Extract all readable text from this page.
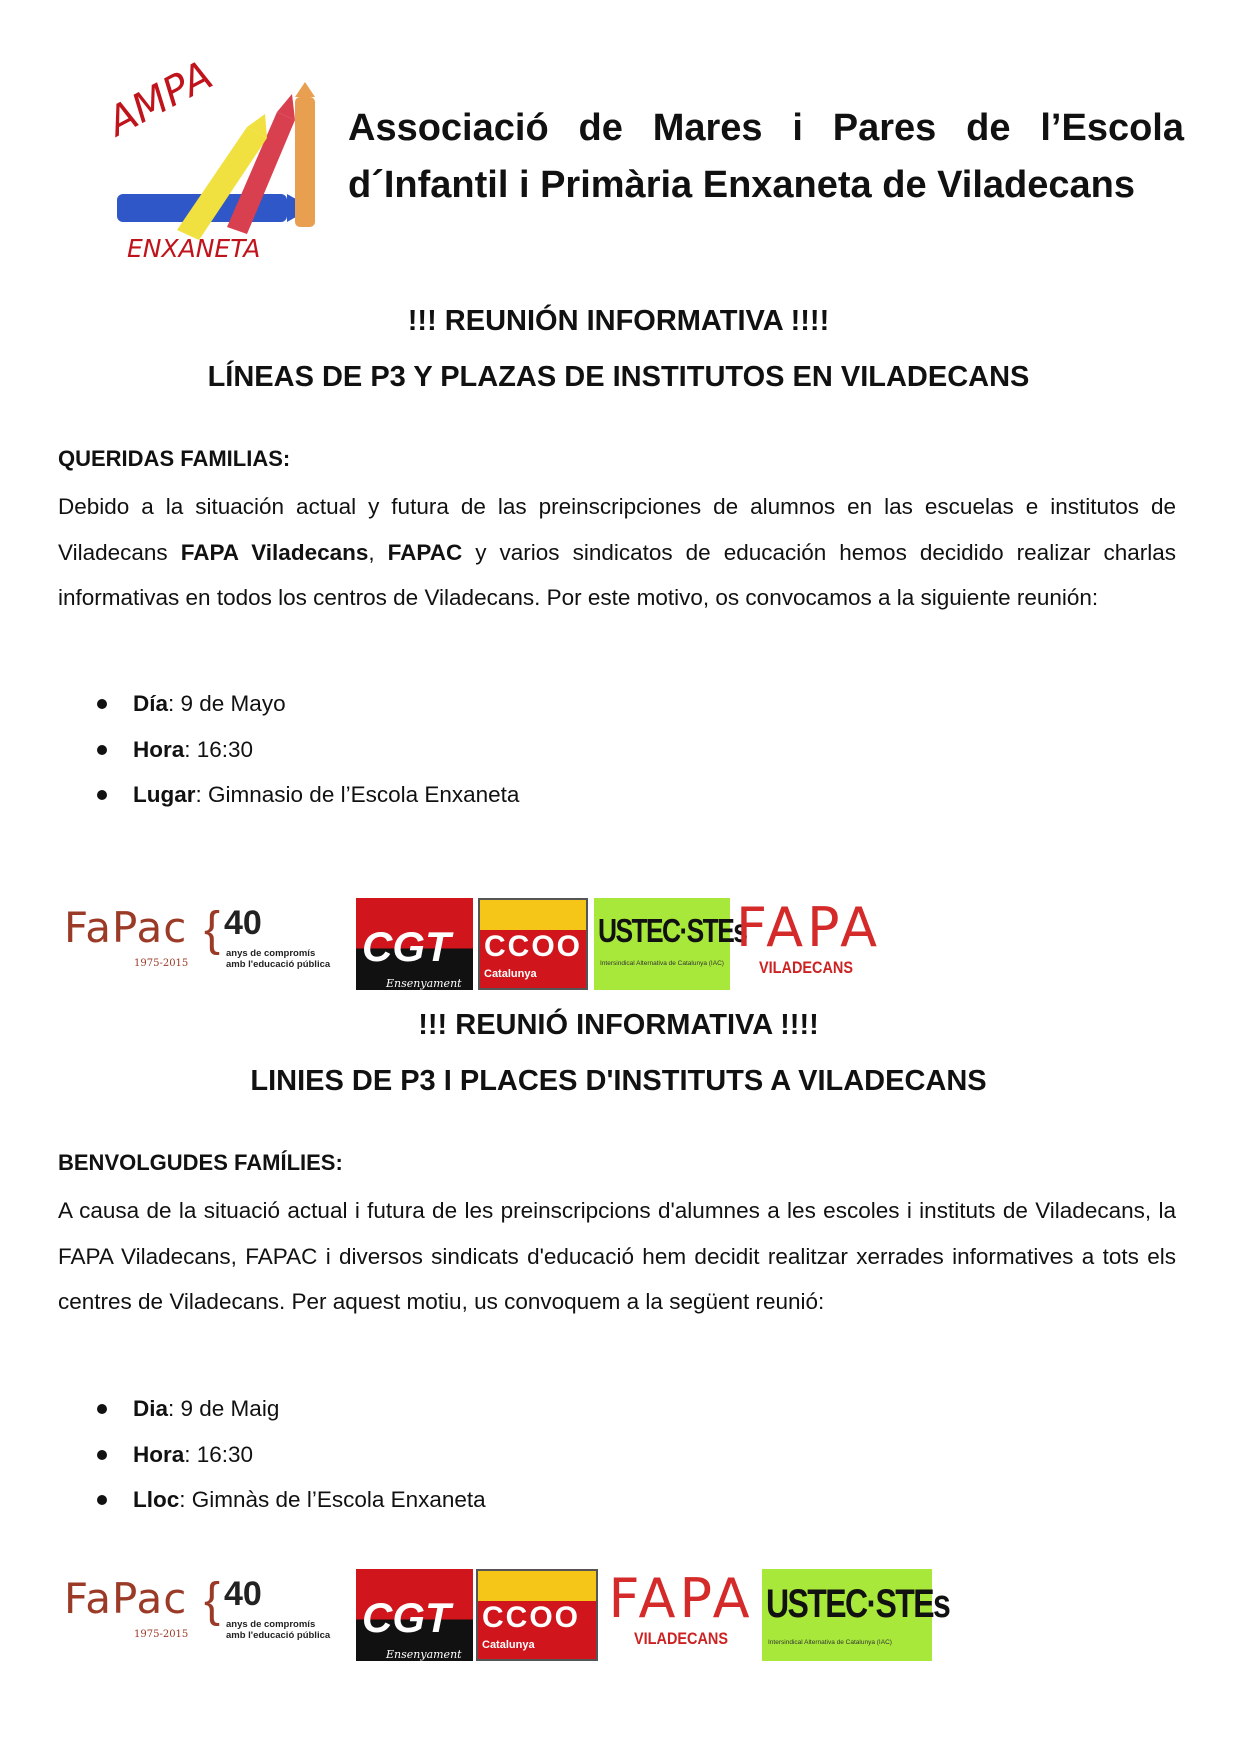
AMPA
ENXANETA
Associació de Mares i Pares de l’Escola
d´Infantil i Primària Enxaneta de Viladecans
!!! REUNIÓN INFORMATIVA !!!!
LÍNEAS DE P3 Y PLAZAS DE INSTITUTOS EN VILADECANS
QUERIDAS FAMILIAS:
Debido a la situación actual y futura de las preinscripciones de alumnos en las escuelas e institutos de Viladecans FAPA Viladecans, FAPAC y varios sindicatos de educación hemos decidido realizar charlas informativas en todos los centros de Viladecans. Por este motivo, os convocamos a la siguiente reunión:
Día: 9 de Mayo
Hora: 16:30
Lugar: Gimnasio de l’Escola Enxaneta
FaPac { 40
1975-2015
anys de compromís
amb l'educació pública CGT
Ensenyament
CCOO
Catalunya
USTEC·STEs
Intersindical Alternativa de Catalunya (IAC)
FAPA
VILADECANS
!!! REUNIÓ INFORMATIVA !!!!
LINIES DE P3 I PLACES D'INSTITUTS A VILADECANS
BENVOLGUDES FAMÍLIES:
A causa de la situació actual i futura de les preinscripcions d'alumnes a les escoles i instituts de Viladecans, la FAPA Viladecans, FAPAC i diversos sindicats d'educació hem decidit realitzar xerrades informatives a tots els centres de Viladecans. Per aquest motiu, us convoquem a la següent reunió:
Dia: 9 de Maig
Hora: 16:30
Lloc: Gimnàs de l’Escola Enxaneta
FaPac { 40
1975-2015
anys de compromís
amb l'educació pública CGT
Ensenyament
CCOO
Catalunya
FAPA
VILADECANS
USTEC·STEs
Intersindical Alternativa de Catalunya (IAC)
